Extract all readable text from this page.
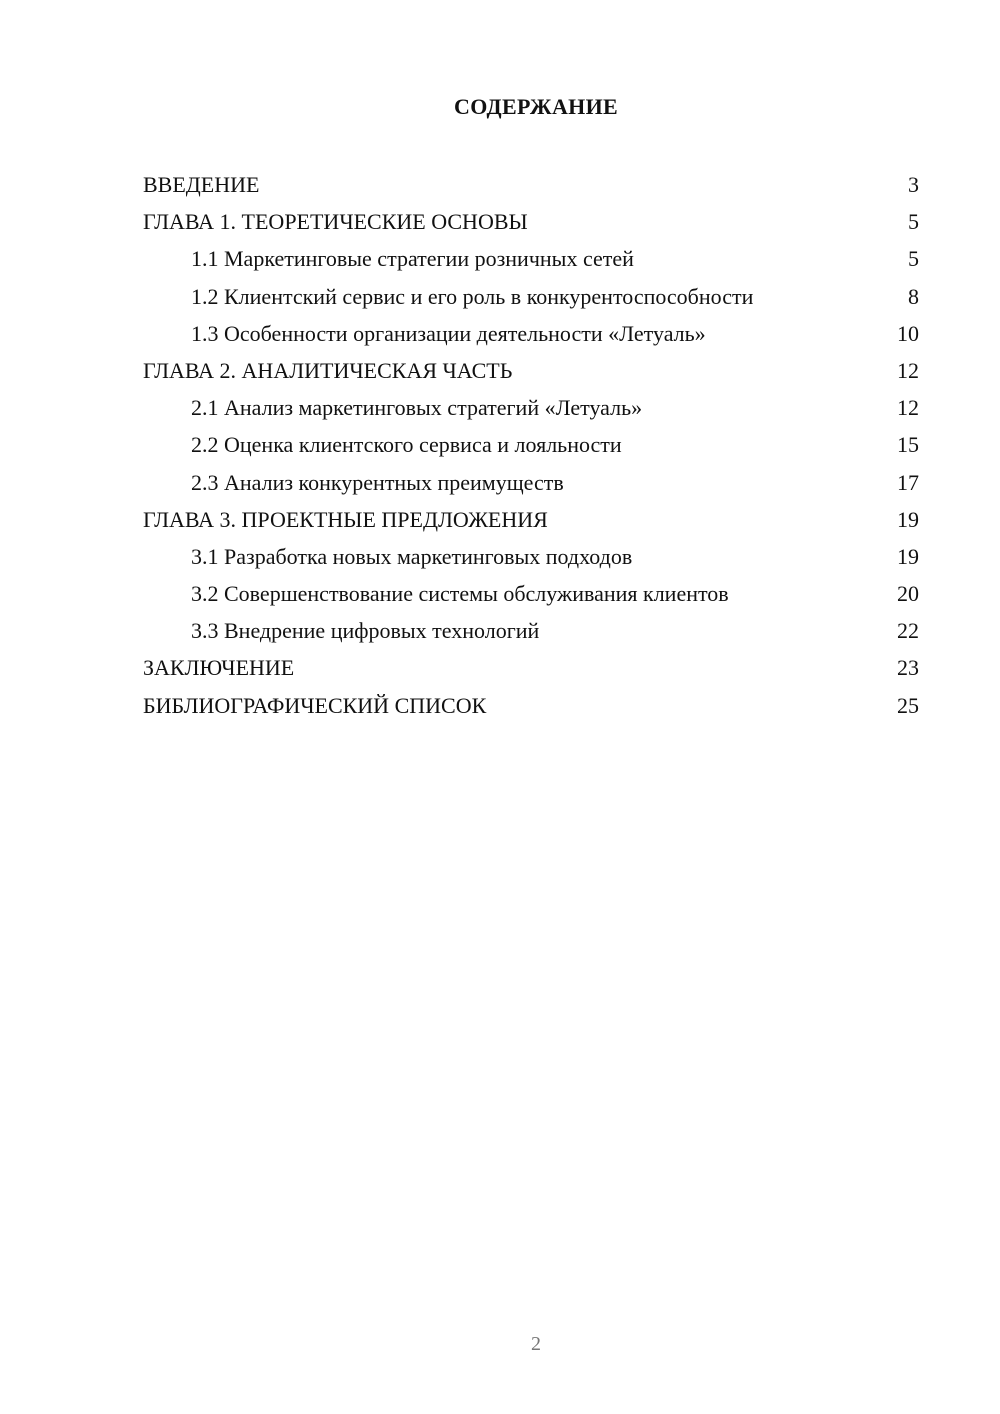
СОДЕРЖАНИЕ
ВВЕДЕНИЕ	3
ГЛАВА 1. ТЕОРЕТИЧЕСКИЕ ОСНОВЫ	5
1.1 Маркетинговые стратегии розничных сетей	5
1.2 Клиентский сервис и его роль в конкурентоспособности	8
1.3 Особенности организации деятельности «Летуаль»	10
ГЛАВА 2. АНАЛИТИЧЕСКАЯ ЧАСТЬ	12
2.1 Анализ маркетинговых стратегий «Летуаль»	12
2.2 Оценка клиентского сервиса и лояльности	15
2.3 Анализ конкурентных преимуществ	17
ГЛАВА 3. ПРОЕКТНЫЕ ПРЕДЛОЖЕНИЯ	19
3.1 Разработка новых маркетинговых подходов	19
3.2 Совершенствование системы обслуживания клиентов	20
3.3 Внедрение цифровых технологий	22
ЗАКЛЮЧЕНИЕ	23
БИБЛИОГРАФИЧЕСКИЙ СПИСОК	25
2
